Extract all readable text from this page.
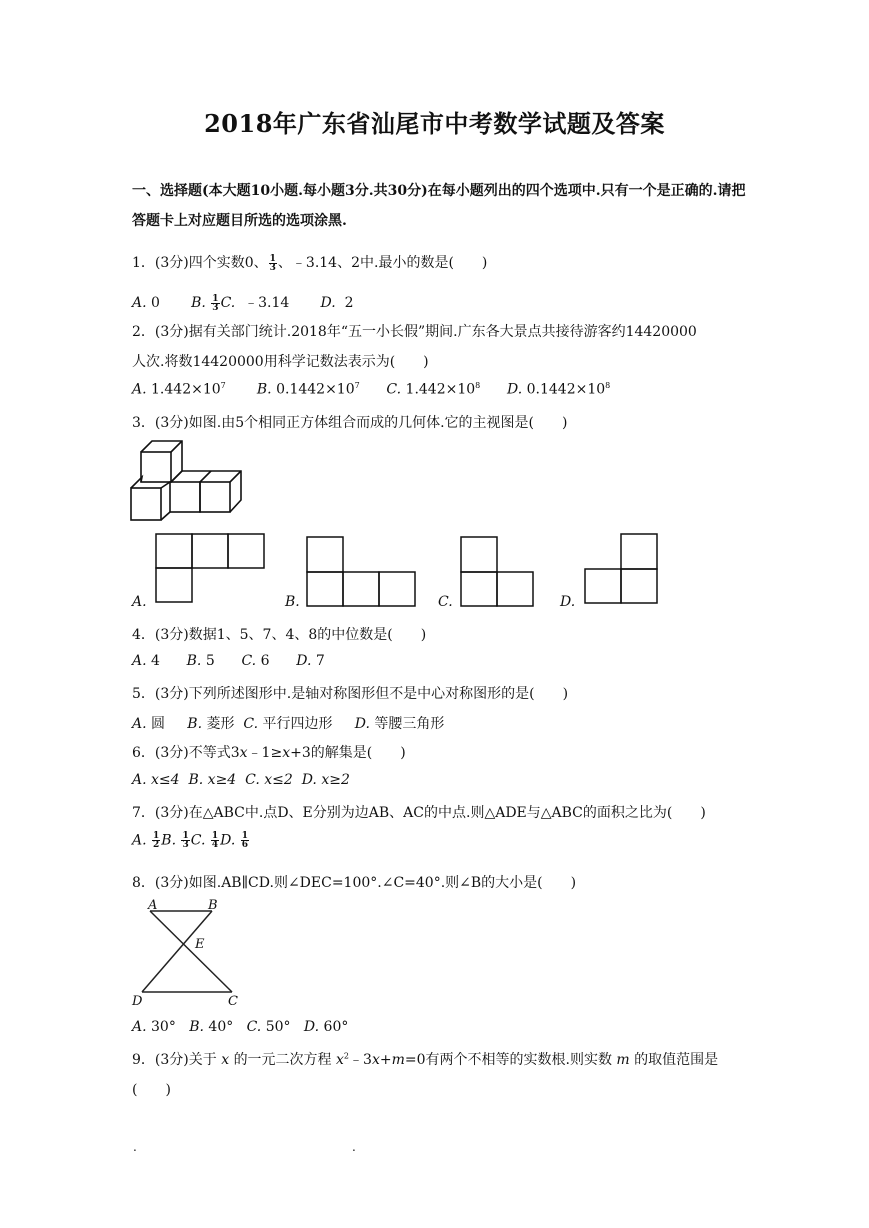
2018年广东省汕尾市中考数学试题及答案
一、选择题(本大题10小题.每小题3分.共30分)在每小题列出的四个选项中.只有一个是正确的.请把答题卡上对应题目所选的选项涂黑.
1．(3分)四个实数0、 $\frac{1}{3}$ 、﹣3.14、2中.最小的数是(　　)
A. 0 B. $\frac{1}{3} C$. ﹣3.14 D. 2
2．(3分)据有关部门统计.2018年“五一小长假”期间.广东各大景点共接待游客约14420000
人次.将数14420000用科学记数法表示为(　　)
A. $1.442\times 10^7$ B. $0.1442\times 10^7$ C. $1.442\times 10^8$ D. $0.1442\times 10^8$
3．(3分)如图.由5个相同正方体组合而成的几何体.它的主视图是(　　)
A.	B.	C.	D.
4．(3分)数据1、5、7、4、8的中位数是(　　)
A. 4 B. 5 C. 6 D. 7
5．(3分)下列所述图形中.是轴对称图形但不是中心对称图形的是(　　)
A. 圆 B. 菱形 C. 平行四边形 D. 等腰三角形
6．(3分)不等式3x﹣1≥x+3的解集是(　　)
A. x≤4 B. x≥4 C. x≤2 D. x≥2
7．(3分)在△ABC中.点D、E分别为边AB、AC的中点.则△ADE与△ABC的面积之比为(　　)
A. $\frac{1}{2} B$. $\frac{1}{3} C$. $\frac{1}{4} D$. $\frac{1}{6}$
8．(3分)如图.AB∥CD.则∠DEC=100°.∠C=40°.则∠B的大小是(　　)
A	B
E
D	C
A. 30° B. 40° C. 50° D. 60°
9．(3分)关于 x 的一元二次方程 $x^2﹣3x+m=0$有两个不相等的实数根.则实数 m 的取值范围是
(　　)
.	.
